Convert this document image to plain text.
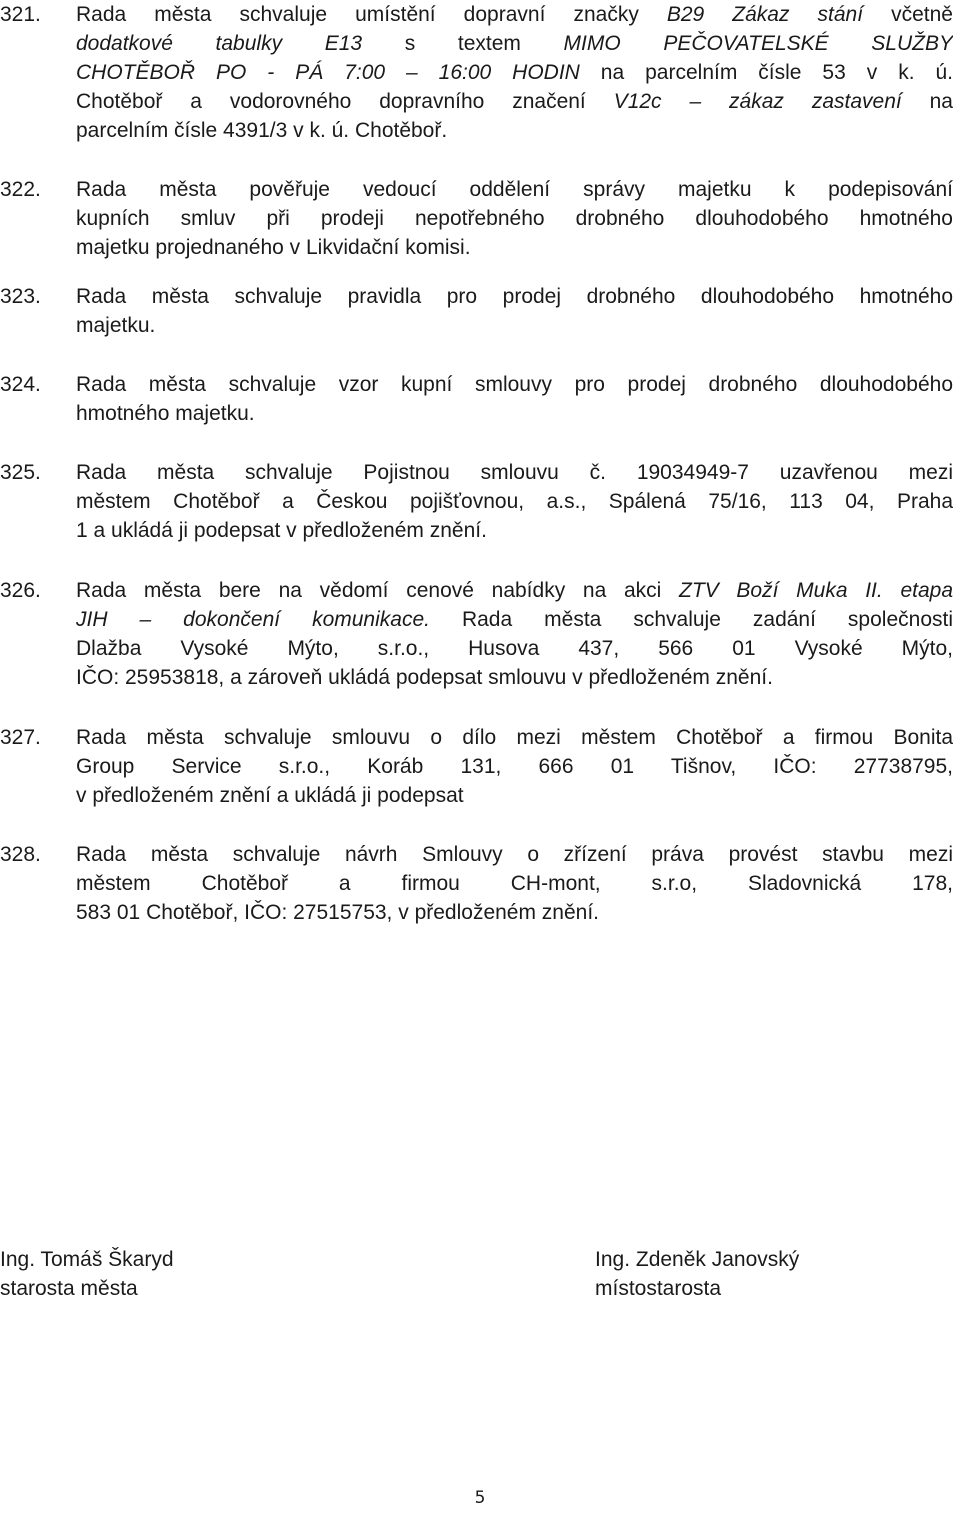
321.	Rada města schvaluje umístění dopravní značky B29 Zákaz stání včetně
dodatkové tabulky E13 s textem MIMO PEČOVATELSKÉ SLUŽBY
CHOTĚBOŘ PO - PÁ 7:00 – 16:00 HODIN na parcelním čísle 53 v k. ú.
Chotěboř a vodorovného dopravního značení V12c – zákaz zastavení na
parcelním čísle 4391/3 v k. ú. Chotěboř.
322.	Rada města pověřuje vedoucí oddělení správy majetku k podepisování
kupních smluv při prodeji nepotřebného drobného dlouhodobého hmotného
majetku projednaného v Likvidační komisi.
323.	Rada města schvaluje pravidla pro prodej drobného dlouhodobého hmotného
majetku.
324.	Rada města schvaluje vzor kupní smlouvy pro prodej drobného dlouhodobého
hmotného majetku.
325.	Rada města schvaluje Pojistnou smlouvu č. 19034949-7 uzavřenou mezi
městem Chotěboř a Českou pojišťovnou, a.s., Spálená 75/16, 113 04, Praha
1 a ukládá ji podepsat v předloženém znění.
326.	Rada města bere na vědomí cenové nabídky na akci ZTV Boží Muka II. etapa
JIH – dokončení komunikace. Rada města schvaluje zadání společnosti
Dlažba Vysoké Mýto, s.r.o., Husova 437, 566 01 Vysoké Mýto,
IČO: 25953818, a zároveň ukládá podepsat smlouvu v předloženém znění.
327.	Rada města schvaluje smlouvu o dílo mezi městem Chotěboř a firmou Bonita
Group Service s.r.o., Koráb 131, 666 01 Tišnov, IČO: 27738795,
v předloženém znění a ukládá ji podepsat
328.	Rada města schvaluje návrh Smlouvy o zřízení práva provést stavbu mezi
městem Chotěboř a firmou CH-mont, s.r.o, Sladovnická 178,
583 01 Chotěboř, IČO: 27515753, v předloženém znění.
Ing. Tomáš Škaryd
starosta města
Ing. Zdeněk Janovský
místostarosta
5
